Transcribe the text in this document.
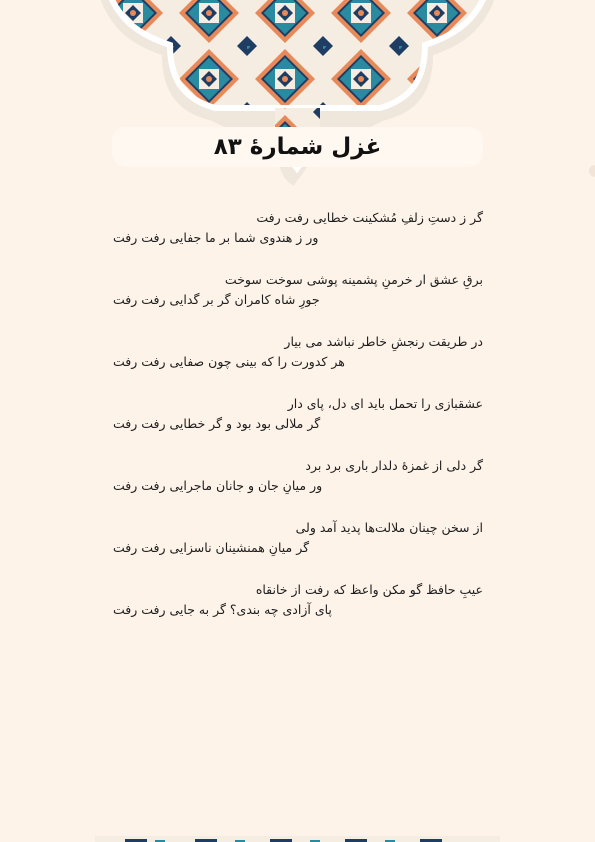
غزل شمارهٔ ۸۳
گر ز دستِ زلفِ مُشکینت خطایی رفت رفت
ور ز هندوی شما بر ما جفایی رفت رفت
برقِ عشق ار خرمنِ پشمینه پوشی سوخت سوخت
جورِ شاه کامران گر بر گدایی رفت رفت
در طریقت رنجشِ خاطر نباشد می بیار
هر کدورت را که بینی چون صفایی رفت رفت
عشقبازی را تحمل باید ای دل، پای دار
گر ملالی بود بود و گر خطایی رفت رفت
گر دلی از غمزهٔ دلدار باری برد برد
ور میانِ جان و جانان ماجرایی رفت رفت
از سخن چینان ملالت‌ها پدید آمد ولی
گر میانِ همنشینان ناسزایی رفت رفت
عیبِ حافظ گو مکن واعظ که رفت از خانقاه
پای آزادی چه بندی؟ گر به جایی رفت رفت
